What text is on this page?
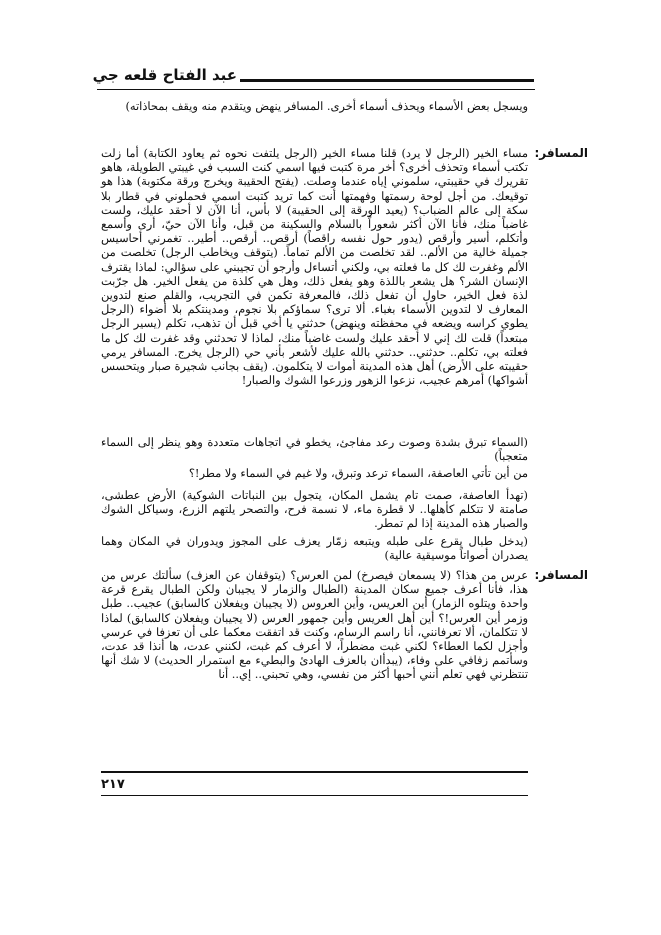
عبد الفتاح قلعه جي
ويسجل بعض الأسماء ويحذف أسماء أخرى. المسافر ينهض ويتقدم منه ويقف بمحاذاته)
المسافر:
مساء الخير (الرجل لا يرد) قلنا مساء الخير (الرجل يلتفت نحوه ثم يعاود الكتابة) أما زلت تكتب أسماء وتحذف أخرى؟ أخر مرة كتبت فيها اسمي كنت السبب في غيبتي الطويلة، هاهو تقريرك في حقيبتي، سلموني إياه عندما وصلت. (يفتح الحقيبة ويخرج ورقة مكتوبة) هذا هو توقيعك. من أجل لوحة رسمتها وفهمتها أنت كما تريد كتبت اسمي فحملوني في قطار بلا سكة إلى عالم الضباب؟ (يعيد الورقة إلى الحقيبة) لا بأس، أنا الآن لا أحقد عليك، ولست غاضباً منك، فأنا الآن أكثر شعوراً بالسلام والسكينة من قبل، وأنا الآن حيّ، أرى وأسمع وأتكلم، أسير وأرقص (يدور حول نفسه راقصاً) أرقص.. أرقص.. أطير.. تغمرني أحاسيس جميلة خالية من الألم.. لقد تخلصت من الألم تماماً. (يتوقف ويخاطب الرجل) تخلصت من الألم وغفرت لك كل ما فعلته بي، ولكني أتساءل وأرجو أن تجيبني على سؤالي: لماذا يقترف الإنسان الشر؟ هل يشعر باللذة وهو يفعل ذلك، وهل هي كلذة من يفعل الخير. هل جرّبت لذة فعل الخير، حاول أن تفعل ذلك، فالمعرفة تكمن في التجريب، والقلم صنع لتدوين المعارف لا لتدوين الأسماء بغباء. ألا ترى؟ سماؤكم بلا نجوم، ومدينتكم بلا أضواء (الرجل يطوي كراسه ويضعه في محفظته وينهض) حدثني يا أخي قبل أن تذهب، تكلم (يسير الرجل مبتعداً) قلت لك إني لا أحقد عليك ولست غاضباً منك، لماذا لا تحدثني وقد غفرت لك كل ما فعلته بي، تكلم.. حدثني.. حدثني بالله عليك لأشعر بأني حي (الرجل يخرج. المسافر يرمي حقيبته على الأرض) أهل هذه المدينة أموات لا يتكلمون. (يقف بجانب شجيرة صبار ويتحسس أشواكها) أمرهم عجيب، نزعوا الزهور وزرعوا الشوك والصبار!
(السماء تبرق بشدة وصوت رعد مفاجئ، يخطو في اتجاهات متعددة وهو ينظر إلى السماء متعجباً)
من أين تأتي العاصفة، السماء ترعد وتبرق، ولا غيم في السماء ولا مطر!؟
(تهدأ العاصفة، صمت تام يشمل المكان، يتجول بين النباتات الشوكية) الأرض عطشى، صامتة لا تتكلم كأهلها.. لا قطرة ماء، لا نسمة فرح، والتصحر يلتهم الزرع، وسياكل الشوك والصبار هذه المدينة إذا لم تمطر.
(يدخل طبال يقرع على طبله ويتبعه زمّار يعزف على المجوز ويدوران في المكان وهما يصدران أصواتاً موسيقية عالية)
المسافر:
عرس من هذا؟ (لا يسمعان فيصرخ) لمن العرس؟ (يتوقفان عن العزف) سألتك عرس من هذا، فأنا أعرف جميع سكان المدينة (الطبال والزمار لا يجيبان ولكن الطبال يقرع قرعة واحدة ويتلوه الزمار) أين العريس، وأين العروس (لا يجيبان ويفعلان كالسابق) عجيب.. طبل وزمر أين العرس!؟ أين أهل العريس وأين جمهور العرس (لا يجيبان ويفعلان كالسابق) لماذا لا تتكلمان، ألا تعرفانني، أنا راسم الرسام، وكنت قد اتفقت معكما على أن تعزفا في عرسي وأجزل لكما العطاء؟ لكني غبت مضطراً، لا أعرف كم غبت، لكنني عدت، ها أنذا قد عدت، وسأتمم زفافي على وفاء، (يبدأان بالعزف الهادئ والبطيء مع استمرار الحديث) لا شك أنها تنتظرني فهي تعلم أنني أحبها أكثر من نفسي، وهي تحبني.. إي.. أنا
٢١٧
